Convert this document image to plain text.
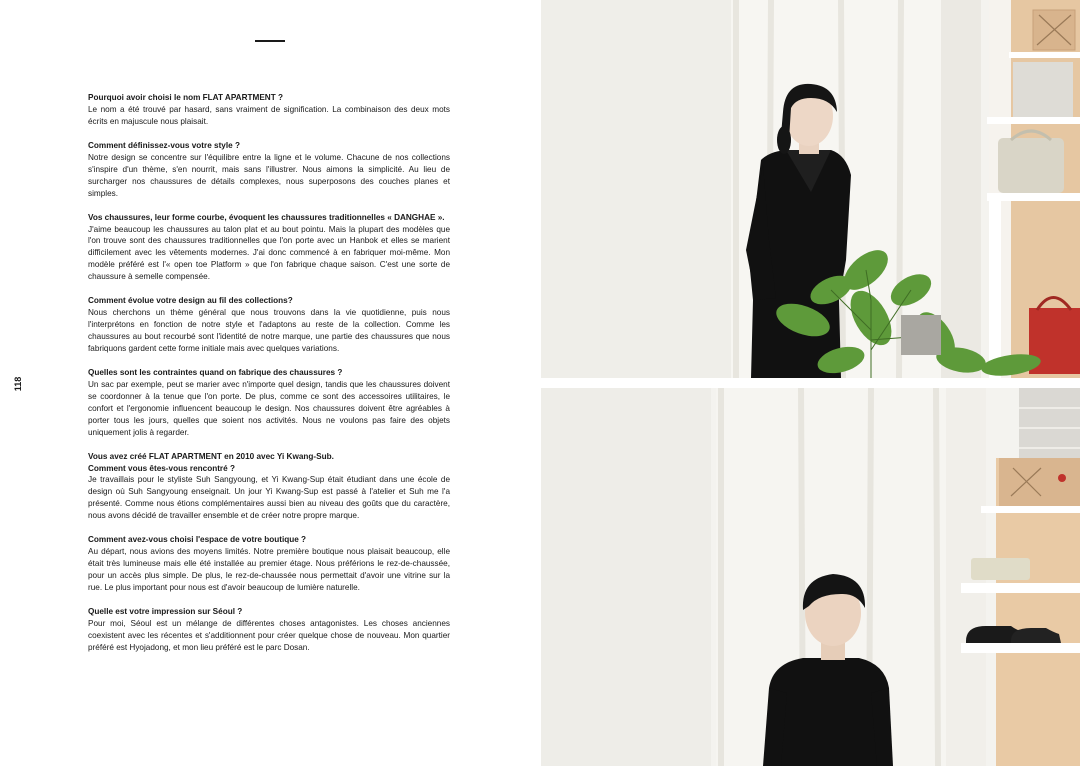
118

Pourquoi avoir choisi le nom FLAT APARTMENT ?

Le nom a été trouvé par hasard, sans vraiment de signification. La combinaison des deux mots écrits en majuscule nous plaisait.

Comment définissez-vous votre style ?

Notre design se concentre sur l'équilibre entre la ligne et le volume. Chacune de nos collections s'inspire d'un thème, s'en nourrit, mais sans l'illustrer. Nous aimons la simplicité. Au lieu de surcharger nos chaussures de détails complexes, nous superposons des couches planes et simples.

Vos chaussures, leur forme courbe, évoquent les chaussures traditionnelles « DANGHAE ».

J'aime beaucoup les chaussures au talon plat et au bout pointu. Mais la plupart des modèles que l'on trouve sont des chaussures traditionnelles que l'on porte avec un Hanbok et elles se marient difficilement avec les vêtements modernes. J'ai donc commencé à en fabriquer moi-même. Mon modèle préféré est l'« open toe Platform » que l'on fabrique chaque saison. C'est une sorte de chaussure à semelle compensée.

Comment évolue votre design au fil des collections?

Nous cherchons un thème général que nous trouvons dans la vie quotidienne, puis nous l'interprétons en fonction de notre style et l'adaptons au reste de la collection. Comme les chaussures au bout recourbé sont l'identité de notre marque, une partie des chaussures que nous fabriquons gardent cette forme initiale mais avec quelques variations.

Quelles sont les contraintes quand on fabrique des chaussures ?

Un sac par exemple, peut se marier avec n'importe quel design, tandis que les chaussures doivent se coordonner à la tenue que l'on porte. De plus, comme ce sont des accessoires utilitaires, le confort et l'ergonomie influencent beaucoup le design. Nos chaussures doivent être agréables à porter tous les jours, quelles que soient nos activités. Nous ne voulons pas faire des objets uniquement jolis à regarder.

Vous avez créé FLAT APARTMENT en 2010 avec Yi Kwang-Sub.

Comment vous êtes-vous rencontré ?

Je travaillais pour le styliste Suh Sangyoung, et Yi Kwang-Sup était étudiant dans une école de design où Suh Sangyoung enseignait. Un jour Yi Kwang-Sup est passé à l'atelier et Suh me l'a présenté. Comme nous étions complémentaires aussi bien au niveau des goûts que du caractère, nous avons décidé de travailler ensemble et de créer notre propre marque.

Comment avez-vous choisi l'espace de votre boutique ?

Au départ, nous avions des moyens limités. Notre première boutique nous plaisait beaucoup, elle était très lumineuse mais elle été installée au premier étage. Nous préférions le rez-de-chaussée, pour un accès plus simple. De plus, le rez-de-chaussée nous permettait d'avoir une vitrine sur la rue. Le plus important pour nous est d'avoir beaucoup de lumière naturelle.

Quelle est votre impression sur Séoul ?

Pour moi, Séoul est un mélange de différentes choses antagonistes. Les choses anciennes coexistent avec les récentes et s'additionnent pour créer quelque chose de nouveau. Mon quartier préféré est Hyojadong, et mon lieu préféré est le parc Dosan.
